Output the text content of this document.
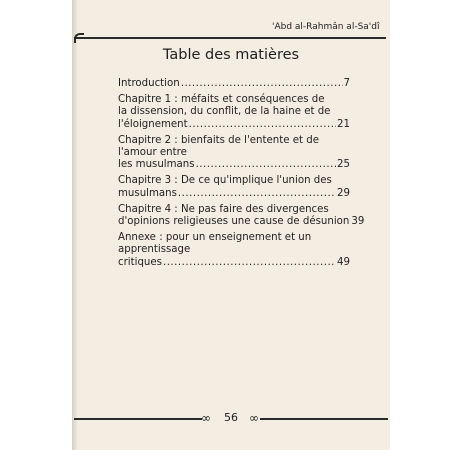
'Abd al-Rahmân al-Sa'dî
Table des matières
Introduction .....	7
Chapitre 1 : méfaits et conséquences de
la dissension, du conflit, de la haine et de
l'éloignement .....	21
Chapitre 2 : bienfaits de l'entente et de l'amour entre
les musulmans .....	25
Chapitre 3 : De ce qu'implique l'union des
musulmans .....	29
Chapitre 4 : Ne pas faire des divergences
d'opinions religieuses une cause de désunion 39
Annexe : pour un enseignement et un apprentissage
critiques .....	49
∞	56 ∞
